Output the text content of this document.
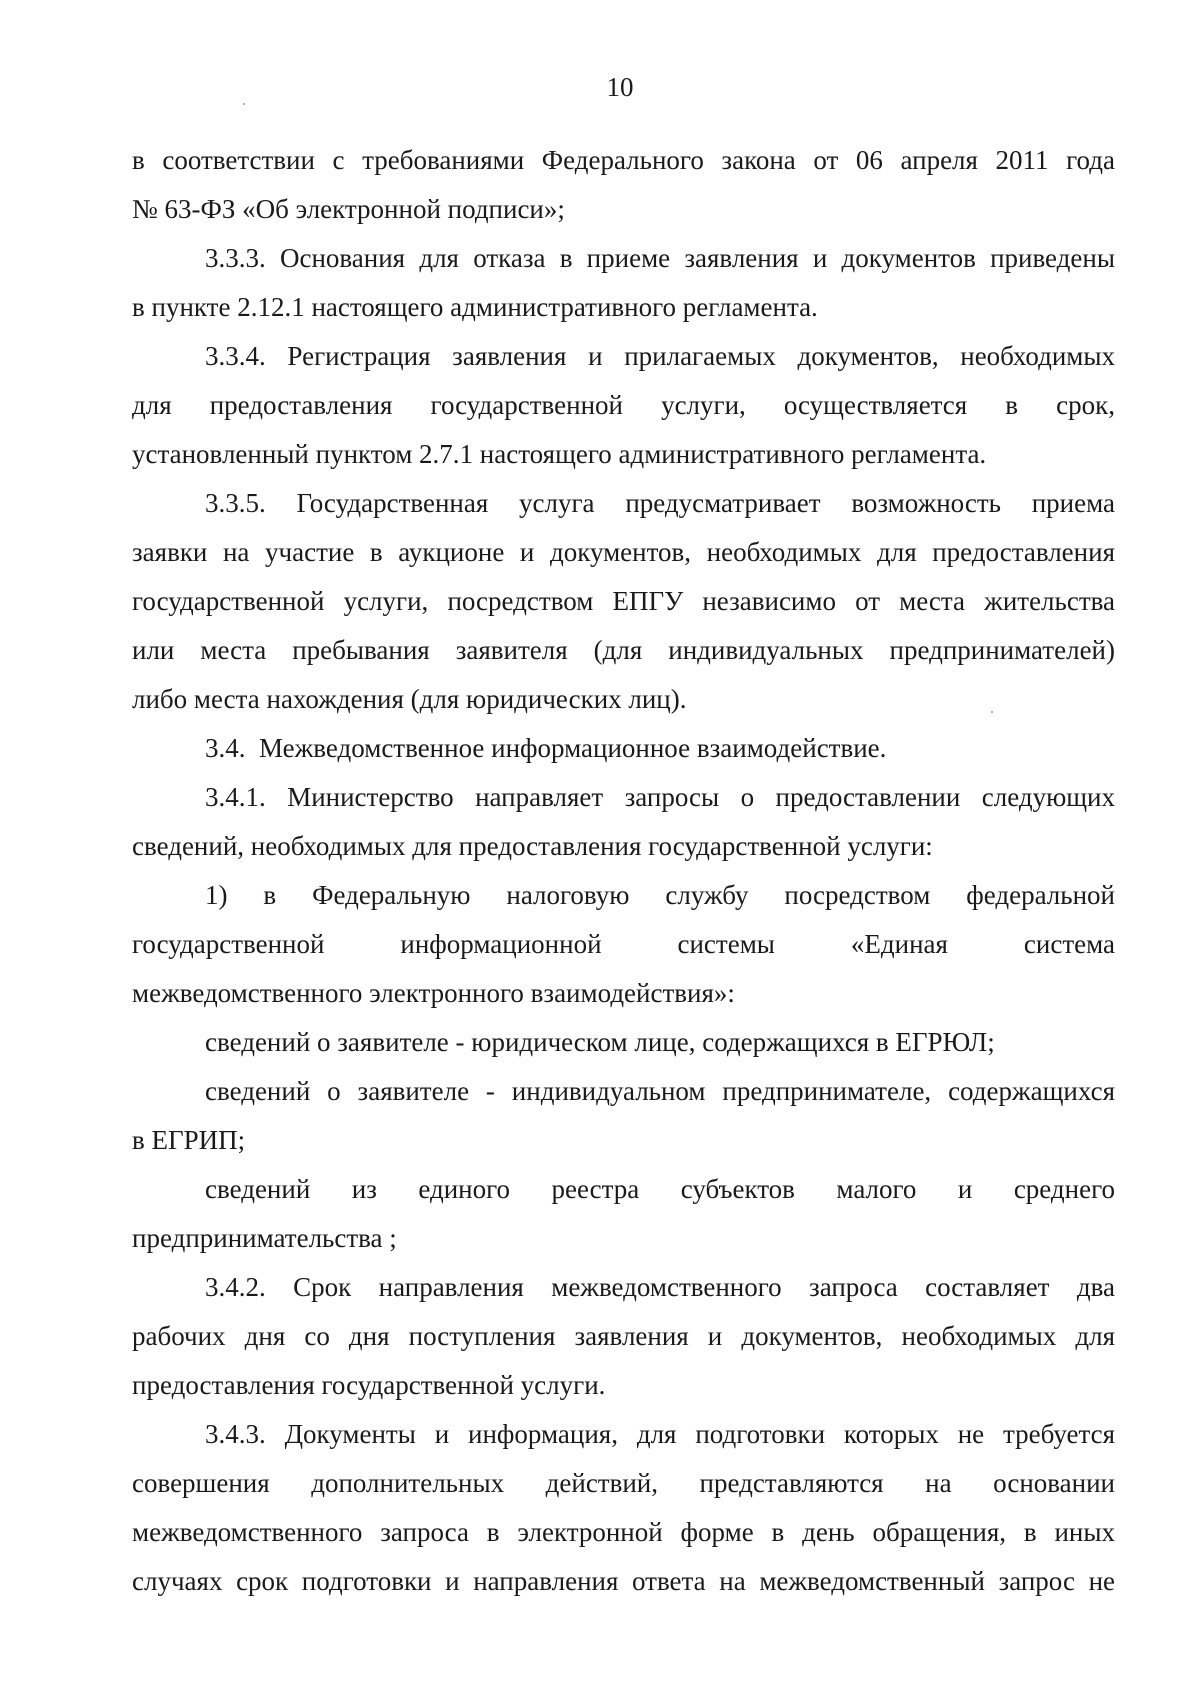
10
в соответствии с требованиями Федерального закона от 06 апреля 2011 года
№ 63-ФЗ «Об электронной подписи»;
3.3.3. Основания для отказа в приеме заявления и документов приведены
в пункте 2.12.1 настоящего административного регламента.
3.3.4. Регистрация заявления и прилагаемых документов, необходимых
для предоставления государственной услуги, осуществляется в срок,
установленный пунктом 2.7.1 настоящего административного регламента.
3.3.5. Государственная услуга предусматривает возможность приема
заявки на участие в аукционе и документов, необходимых для предоставления
государственной услуги, посредством ЕПГУ независимо от места жительства
или места пребывания заявителя (для индивидуальных предпринимателей)
либо места нахождения (для юридических лиц).
3.4.  Межведомственное информационное взаимодействие.
3.4.1. Министерство направляет запросы о предоставлении следующих
сведений, необходимых для предоставления государственной услуги:
1) в Федеральную налоговую службу посредством федеральной
государственной информационной системы «Единая система
межведомственного электронного взаимодействия»:
сведений о заявителе - юридическом лице, содержащихся в ЕГРЮЛ;
сведений о заявителе - индивидуальном предпринимателе, содержащихся
в ЕГРИП;
сведений из единого реестра субъектов малого и среднего
предпринимательства ;
3.4.2. Срок направления межведомственного запроса составляет два
рабочих дня со дня поступления заявления и документов, необходимых для
предоставления государственной услуги.
3.4.3. Документы и информация, для подготовки которых не требуется
совершения дополнительных действий, представляются на основании
межведомственного запроса в электронной форме в день обращения, в иных
случаях срок подготовки и направления ответа на межведомственный запрос не
